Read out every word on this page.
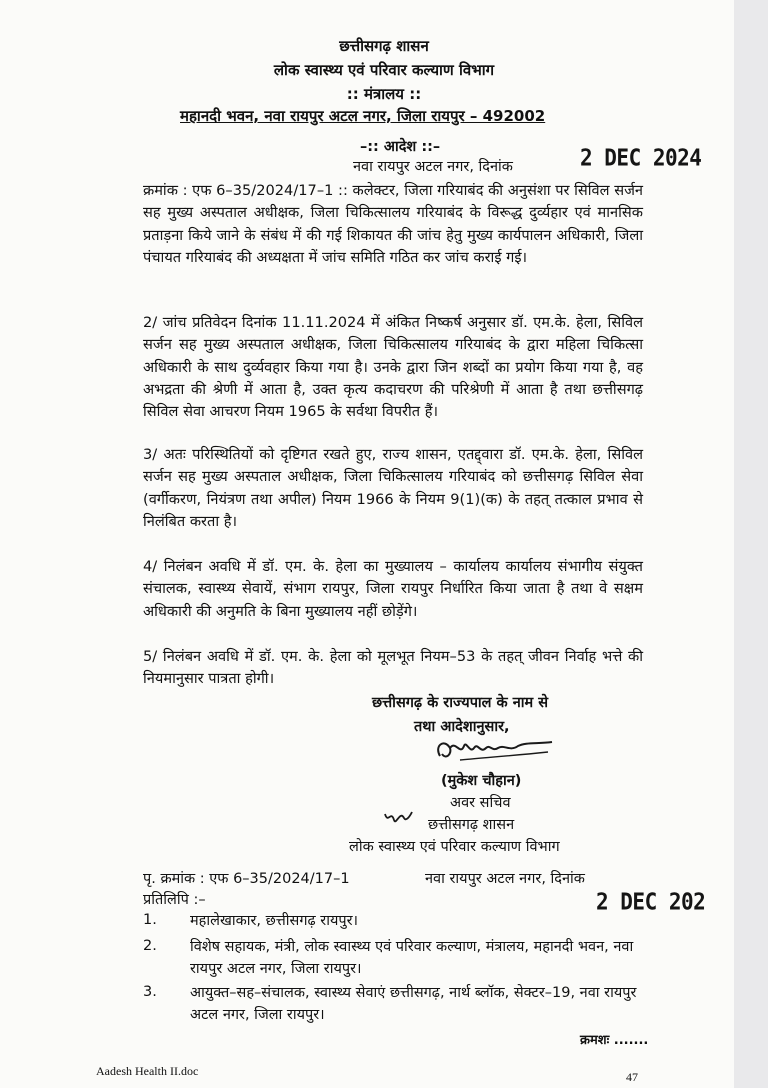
छत्तीसगढ़ शासन
लोक स्वास्थ्य एवं परिवार कल्याण विभाग
:: मंत्रालय ::
महानदी भवन, नवा रायपुर अटल नगर, जिला रायपुर – 492002
–:: आदेश ::–
नवा रायपुर अटल नगर, दिनांक	2 DEC 2024
क्रमांक : एफ 6–35/2024/17–1 :: कलेक्टर, जिला गरियाबंद की अनुसंशा पर सिविल सर्जन सह मुख्य अस्पताल अधीक्षक, जिला चिकित्सालय गरियाबंद के विरूद्ध दुर्व्यहार एवं मानसिक प्रताड़ना किये जाने के संबंध में की गई शिकायत की जांच हेतु मुख्य कार्यपालन अधिकारी, जिला पंचायत गरियाबंद की अध्यक्षता में जांच समिति गठित कर जांच कराई गई।
2/ जांच प्रतिवेदन दिनांक 11.11.2024 में अंकित निष्कर्ष अनुसार डॉ. एम.के. हेला, सिविल सर्जन सह मुख्य अस्पताल अधीक्षक, जिला चिकित्सालय गरियाबंद के द्वारा महिला चिकित्सा अधिकारी के साथ दुर्व्यवहार किया गया है। उनके द्वारा जिन शब्दों का प्रयोग किया गया है, वह अभद्रता की श्रेणी में आता है, उक्त कृत्य कदाचरण की परिश्रेणी में आता है तथा छत्तीसगढ़ सिविल सेवा आचरण नियम 1965 के सर्वथा विपरीत हैं।
3/ अतः परिस्थितियों को दृष्टिगत रखते हुए, राज्य शासन, एतद्द्वारा डॉ. एम.के. हेला, सिविल सर्जन सह मुख्य अस्पताल अधीक्षक, जिला चिकित्सालय गरियाबंद को छत्तीसगढ़ सिविल सेवा (वर्गीकरण, नियंत्रण तथा अपील) नियम 1966 के नियम 9(1)(क) के तहत् तत्काल प्रभाव से निलंबित करता है।
4/ निलंबन अवधि में डॉ. एम. के. हेला का मुख्यालय – कार्यालय कार्यालय संभागीय संयुक्त संचालक, स्वास्थ्य सेवायें, संभाग रायपुर, जिला रायपुर निर्धारित किया जाता है तथा वे सक्षम अधिकारी की अनुमति के बिना मुख्यालय नहीं छोड़ेंगे।
5/ निलंबन अवधि में डॉ. एम. के. हेला को मूलभूत नियम–53 के तहत् जीवन निर्वाह भत्ते की नियमानुसार पात्रता होगी।
छत्तीसगढ़ के राज्यपाल के नाम से
तथा आदेशानुसार,
(मुकेश चौहान)
अवर सचिव
छत्तीसगढ़ शासन
लोक स्वास्थ्य एवं परिवार कल्याण विभाग
पृ. क्रमांक : एफ 6–35/2024/17–1	नवा रायपुर अटल नगर, दिनांक
प्रतिलिपि :–	2 DEC 202
1. महालेखाकार, छत्तीसगढ़ रायपुर।
2. विशेष सहायक, मंत्री, लोक स्वास्थ्य एवं परिवार कल्याण, मंत्रालय, महानदी भवन, नवा रायपुर अटल नगर, जिला रायपुर।
3. आयुक्त–सह–संचालक, स्वास्थ्य सेवाएं छत्तीसगढ़, नार्थ ब्लॉक, सेक्टर–19, नवा रायपुर अटल नगर, जिला रायपुर।
क्रमशः .......
Aadesh Health II.doc	47
